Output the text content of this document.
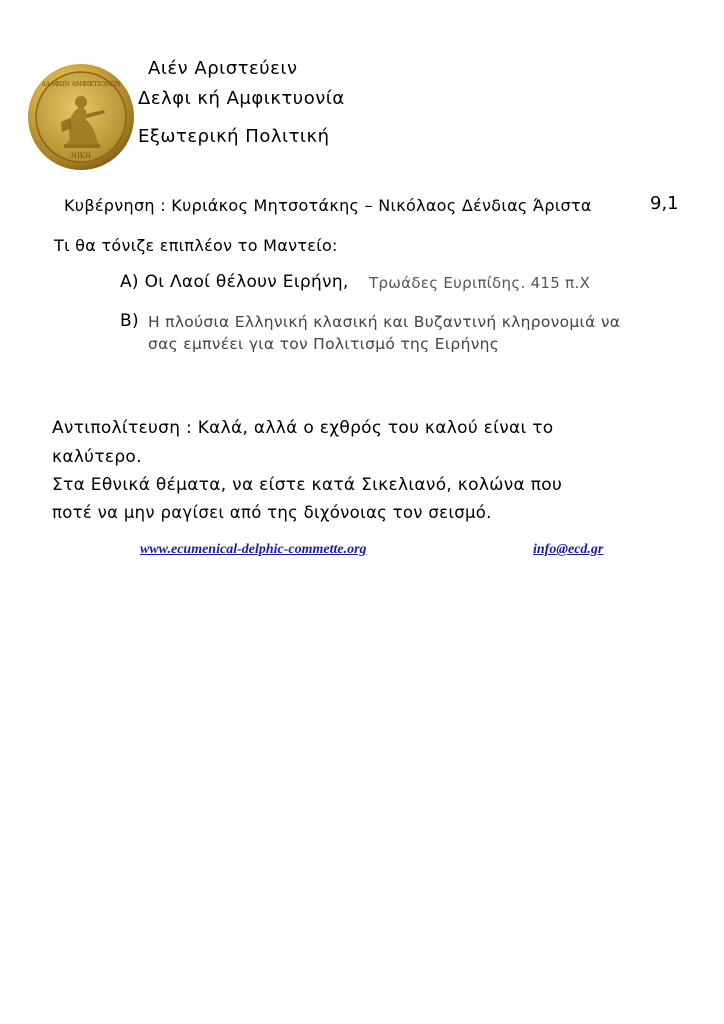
NIKH
ΔΑΛΦΩΝ ΑΜΦΙΚΤΙΟΝΩΝ
Αιέν Αριστεύειν
Δελφι κή Αμφικτυονία
Εξωτερική Πολιτική
Κυβέρνηση : Κυριάκος Μητσοτάκης – Νικόλαος Δένδιας Άριστα	9,1
Τι θα τόνιζε επιπλέον το Μαντείο:
Α) Οι Λαοί θέλουν Ειρήνη, Τρωάδες Ευριπίδης. 415 π.Χ
Β) Η πλούσια Ελληνική κλασική και Βυζαντινή κληρονομιά να
σας εμπνέει για τον Πολιτισμό της Ειρήνης
Αντιπολίτευση : Καλά, αλλά ο εχθρός του καλού είναι το
καλύτερο.
Στα Εθνικά θέματα, να είστε κατά Σικελιανό, κολώνα που
ποτέ να μην ραγίσει από της διχόνοιας τον σεισμό.
www.ecumenical-delphic-commette.org	info@ecd.gr
